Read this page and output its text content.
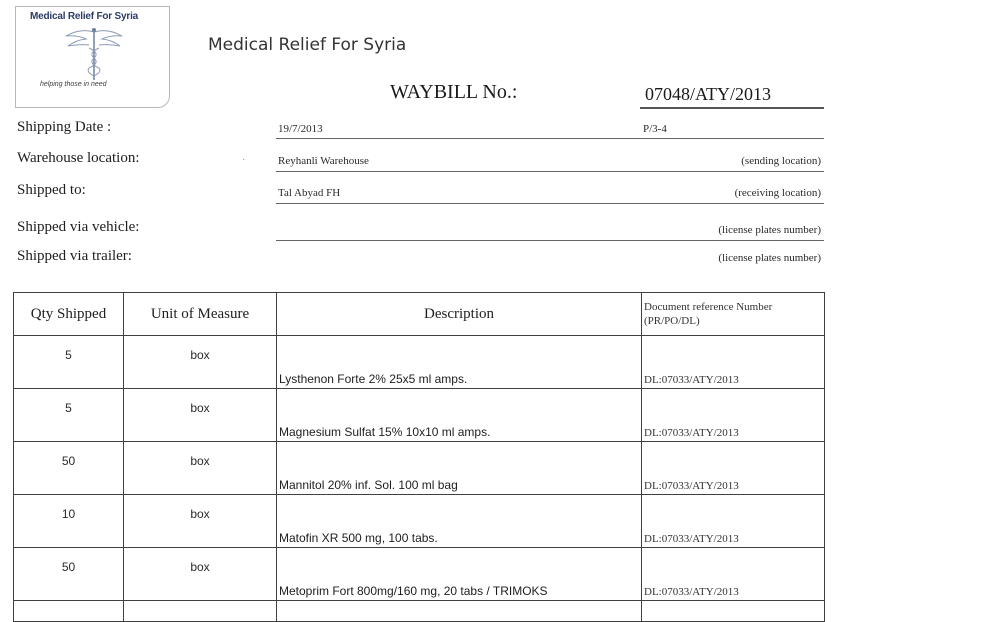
Medical Relief For Syria
helping those in need
Medical Relief For Syria
WAYBILL No.:	07048/ATY/2013
Shipping Date :	19/7/2013	P/3-4
Warehouse location:	·	Reyhanli Warehouse	(sending location)
Shipped to:	Tal Abyad FH	(receiving location)
Shipped via vehicle:	(license plates number)
Shipped via trailer:	(license plates number)
Qty Shipped	Unit of Measure	Description	Document reference Number (PR/PO/DL)
5	box	Lysthenon Forte 2% 25x5 ml amps.	DL:07033/ATY/2013
5	box	Magnesium Sulfat 15% 10x10 ml amps.	DL:07033/ATY/2013
50	box	Mannitol 20% inf. Sol. 100 ml bag	DL:07033/ATY/2013
10	box	Matofin XR 500 mg, 100 tabs.	DL:07033/ATY/2013
50	box	Metoprim Fort 800mg/160 mg, 20 tabs / TRIMOKS	DL:07033/ATY/2013
